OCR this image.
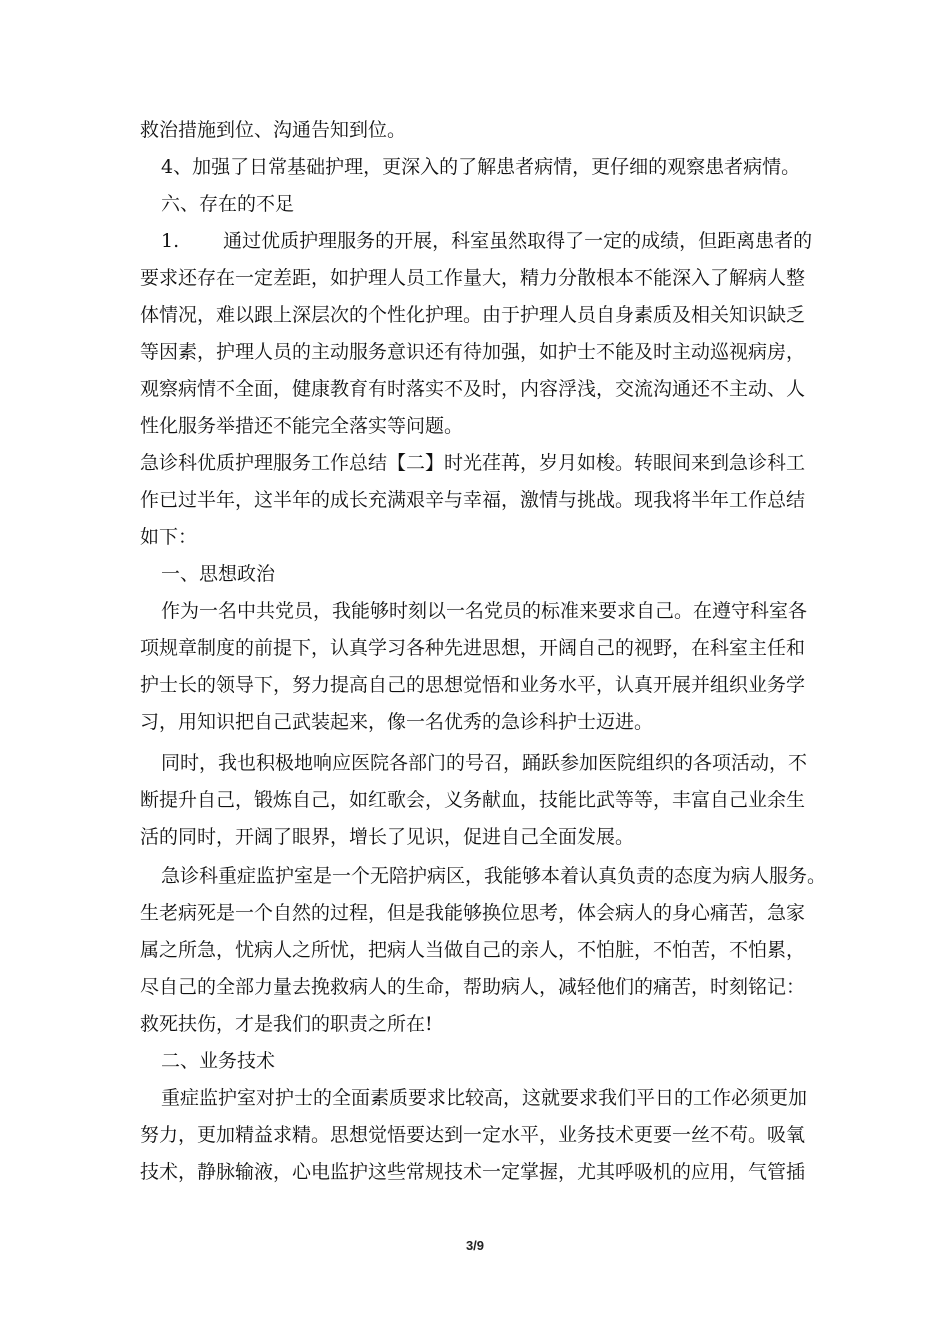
救治措施到位、沟通告知到位。
4、加强了日常基础护理，更深入的了解患者病情，更仔细的观察患者病情。
六、存在的不足
1. 通过优质护理服务的开展，科室虽然取得了一定的成绩，但距离患者的
要求还存在一定差距，如护理人员工作量大，精力分散根本不能深入了解病人整
体情况，难以跟上深层次的个性化护理。由于护理人员自身素质及相关知识缺乏
等因素，护理人员的主动服务意识还有待加强，如护士不能及时主动巡视病房，
观察病情不全面，健康教育有时落实不及时，内容浮浅，交流沟通还不主动、人
性化服务举措还不能完全落实等问题。
急诊科优质护理服务工作总结【二】时光荏苒，岁月如梭。转眼间来到急诊科工
作已过半年，这半年的成长充满艰辛与幸福，激情与挑战。现我将半年工作总结
如下：
一、思想政治
作为一名中共党员，我能够时刻以一名党员的标准来要求自己。在遵守科室各
项规章制度的前提下，认真学习各种先进思想，开阔自己的视野，在科室主任和
护士长的领导下，努力提高自己的思想觉悟和业务水平，认真开展并组织业务学
习，用知识把自己武装起来，像一名优秀的急诊科护士迈进。
同时，我也积极地响应医院各部门的号召，踊跃参加医院组织的各项活动，不
断提升自己，锻炼自己，如红歌会，义务献血，技能比武等等，丰富自己业余生
活的同时，开阔了眼界，增长了见识，促进自己全面发展。
急诊科重症监护室是一个无陪护病区，我能够本着认真负责的态度为病人服务。
生老病死是一个自然的过程，但是我能够换位思考，体会病人的身心痛苦，急家
属之所急，忧病人之所忧，把病人当做自己的亲人，不怕脏，不怕苦，不怕累，
尽自己的全部力量去挽救病人的生命，帮助病人，减轻他们的痛苦，时刻铭记：
救死扶伤，才是我们的职责之所在!
二、业务技术
重症监护室对护士的全面素质要求比较高，这就要求我们平日的工作必须更加
努力，更加精益求精。思想觉悟要达到一定水平，业务技术更要一丝不苟。吸氧
技术，静脉输液，心电监护这些常规技术一定掌握，尤其呼吸机的应用，气管插
3/9
